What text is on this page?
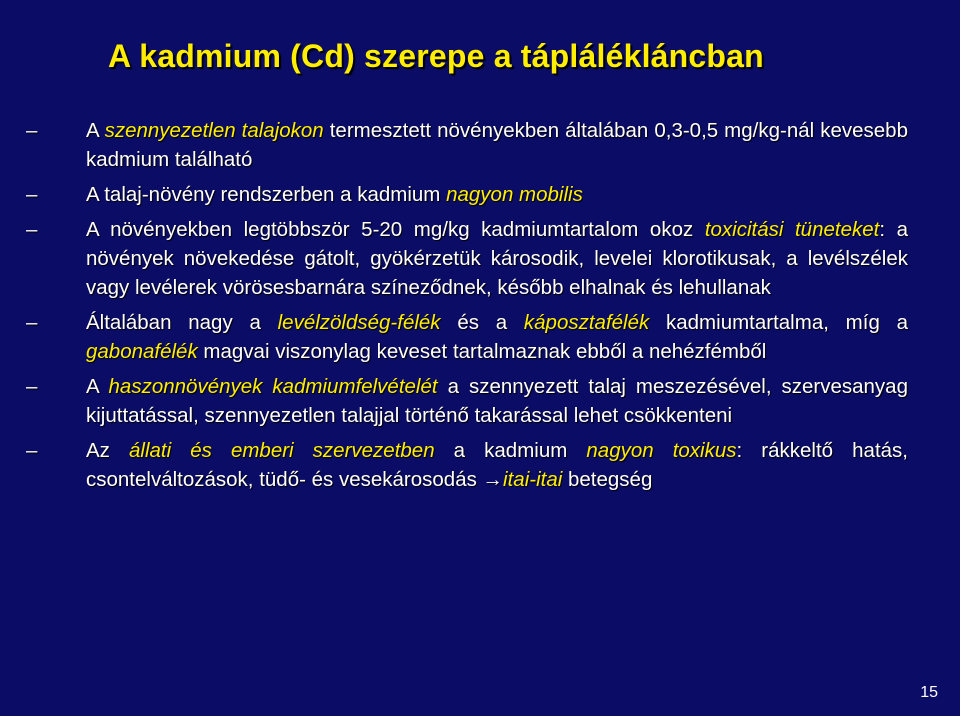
A kadmium (Cd) szerepe a táplálékláncban
– A szennyezetlen talajokon termesztett növényekben általában 0,3-0,5 mg/kg-nál kevesebb kadmium található
– A talaj-növény rendszerben a kadmium nagyon mobilis
– A növényekben legtöbbször 5-20 mg/kg kadmiumtartalom okoz toxicitási tüneteket: a növények növekedése gátolt, gyökérzetük károsodik, levelei klorotikusak, a levélszélek vagy levélerek vörösesbarnára színeződnek, később elhalnak és lehullanak
– Általában nagy a levélzöldség-félék és a káposztafélék kadmiumtartalma, míg a gabonafélék magvai viszonylag keveset tartalmaznak ebből a nehézfémből
– A haszonnövények kadmiumfelvételét a szennyezett talaj meszezésével, szervesanyag kijuttatással, szennyezetlen talajjal történő takarással lehet csökkenteni
– Az állati és emberi szervezetben a kadmium nagyon toxikus: rákkeltő hatás, csontelváltozások, tüdő- és vesekárosodás →itai-itai betegség
15
